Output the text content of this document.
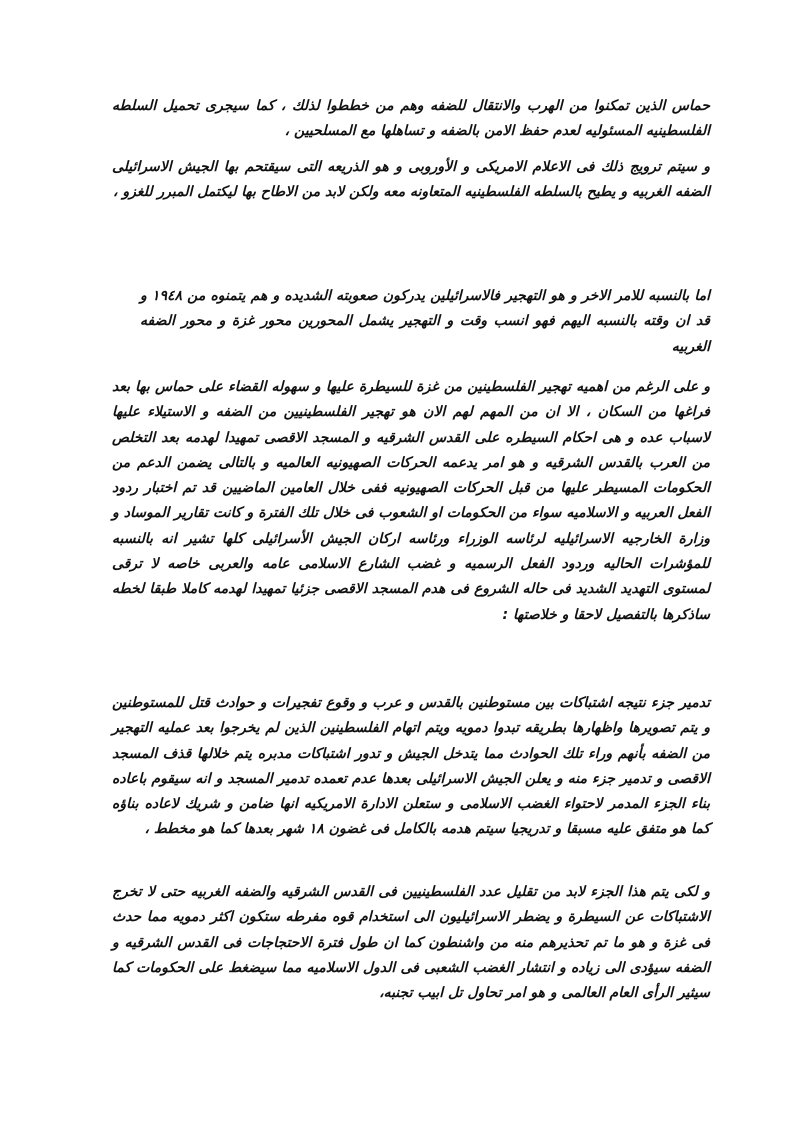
حماس الذين تمكنوا من الهرب والانتقال للضفه وهم من خططوا لذلك ، كما سيجرى تحميل السلطه الفلسطينيه المسئوليه لعدم حفظ الامن بالضفه و تساهلها مع المسلحيين ،

و سيتم ترويج ذلك فى الاعلام الامريكى و الأوروبى و هو الذريعه التى سيقتحم بها الجيش الاسرائيلى الضفه الغربيه و يطيح بالسلطه الفلسطينيه المتعاونه معه ولكن لابد من الاطاح بها ليكتمل المبرر للغزو ،

اما بالنسبه للامر الاخر و هو التهجير فالاسرائيلين يدركون صعوبته الشديده و هم يتمنوه من ١٩٤٨ و قد ان وقته بالنسبه اليهم فهو انسب وقت و التهجير يشمل المحورين محور غزة و محور الضفه الغربيه

و على الرغم من اهميه تهجير الفلسطينين من غزة للسيطرة عليها و سهوله القضاء على حماس بها بعد فراغها من السكان ، الا ان من المهم لهم الان هو تهجير الفلسطينيين من الضفه و الاستيلاء عليها لاسباب عده و هى احكام السيطره على القدس الشرقيه و المسجد الاقصى تمهيدا لهدمه بعد التخلص من العرب بالقدس الشرقيه و هو امر يدعمه الحركات الصهيونيه العالميه و بالتالى يضمن الدعم من الحكومات المسيطر عليها من قبل الحركات الصهيونيه ففى خلال العامين الماضيين قد تم اختبار ردود الفعل العربيه و الاسلاميه سواء من الحكومات او الشعوب فى خلال تلك الفترة و كانت تقارير الموساد و وزارة الخارجيه الاسرائيليه لرئاسه الوزراء ورئاسه اركان الجيش الأسرائيلى كلها تشير انه بالنسبه للمؤشرات الحاليه وردود الفعل الرسميه و غضب الشارع الاسلامى عامه والعربى خاصه لا ترقى لمستوى التهديد الشديد فى حاله الشروع فى هدم المسجد الاقصى جزئيا تمهيدا لهدمه كاملا طبقا لخطه ساذكرها بالتفصيل لاحقا و خلاصتها :

تدمير جزء نتيجه اشتباكات بين مستوطنين بالقدس و عرب و وقوع تفجيرات و حوادث قتل للمستوطنين و يتم تصويرها واظهارها بطريقه تبدوا دمويه ويتم اتهام الفلسطينين الذين لم يخرجوا بعد عمليه التهجير من الضفه بأنهم وراء تلك الحوادث مما يتدخل الجيش و تدور اشتباكات مدبره يتم خلالها قذف المسجد الاقصى و تدمير جزء منه و يعلن الجيش الاسرائيلى بعدها عدم تعمده تدمير المسجد و انه سيقوم باعاده بناء الجزء المدمر لاحتواء الغضب الاسلامى و ستعلن الادارة الامريكيه انها ضامن و شريك لاعاده بناؤه كما هو متفق عليه مسبقا و تدريجيا سيتم هدمه بالكامل فى غضون ١٨ شهر بعدها كما هو مخطط ،

و لكى يتم هذا الجزء لابد من تقليل عدد الفلسطينيين فى القدس الشرقيه والضفه الغربيه حتى لا تخرج الاشتباكات عن السيطرة و يضطر الاسرائيليون الى استخدام قوه مفرطه ستكون اكثر دمويه مما حدث فى غزة و هو ما تم تحذيرهم منه من واشنطون كما ان طول فترة الاحتجاجات فى القدس الشرقيه و الضفه سيؤدى الى زياده و انتشار الغضب الشعبى فى الدول الاسلاميه مما سيضغط على الحكومات كما سيثير الرأى العام العالمى و هو امر تحاول تل ابيب تجنبه،
